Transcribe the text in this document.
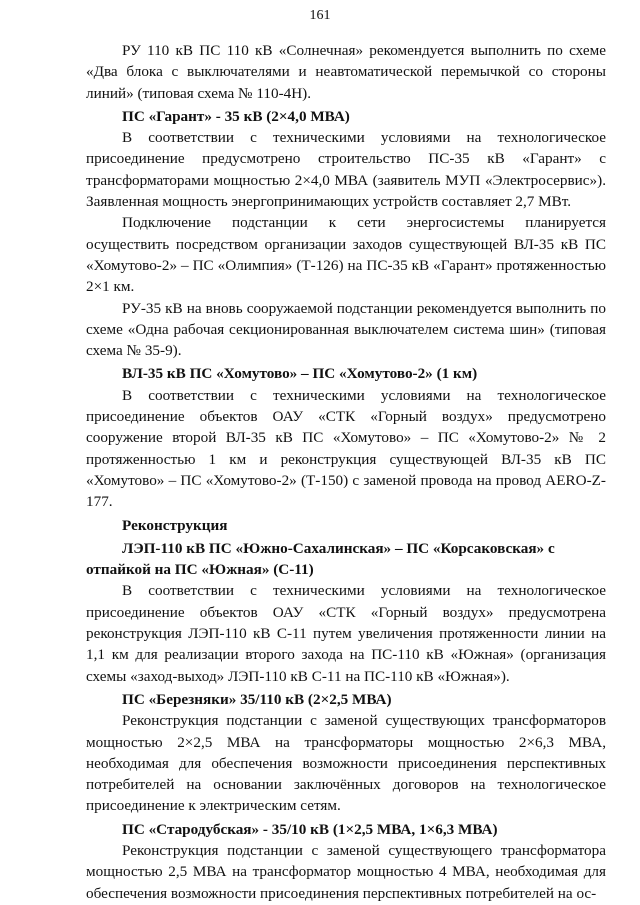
161

РУ 110 кВ ПС 110 кВ «Солнечная» рекомендуется выполнить по схеме «Два блока с выключателями и неавтоматической перемычкой со стороны линий» (типовая схема № 110-4Н).

ПС «Гарант» - 35 кВ (2×4,0 МВА)

В соответствии с техническими условиями на технологическое присоединение предусмотрено строительство ПС-35 кВ «Гарант» с трансформаторами мощностью 2×4,0 МВА (заявитель МУП «Электросервис»). Заявленная мощность энергопринимающих устройств составляет 2,7 МВт.

Подключение подстанции к сети энергосистемы планируется осуществить посредством организации заходов существующей ВЛ-35 кВ ПС «Хомутово-2» – ПС «Олимпия» (Т-126) на ПС-35 кВ «Гарант» протяженностью 2×1 км.

РУ-35 кВ на вновь сооружаемой подстанции рекомендуется выполнить по схеме «Одна рабочая секционированная выключателем система шин» (типовая схема № 35-9).

ВЛ-35 кВ ПС «Хомутово» – ПС «Хомутово-2» (1 км)

В соответствии с техническими условиями на технологическое присоединение объектов ОАУ «СТК «Горный воздух» предусмотрено сооружение второй ВЛ-35 кВ ПС «Хомутово» – ПС «Хомутово-2» № 2 протяженностью 1 км и реконструкция существующей ВЛ-35 кВ ПС «Хомутово» – ПС «Хомутово-2» (Т-150) с заменой провода на провод AERO-Z-177.

Реконструкция

ЛЭП-110 кВ ПС «Южно-Сахалинская» – ПС «Корсаковская» с отпайкой на ПС «Южная» (С-11)

В соответствии с техническими условиями на технологическое присоединение объектов ОАУ «СТК «Горный воздух» предусмотрена реконструкция ЛЭП-110 кВ С-11 путем увеличения протяженности линии на 1,1 км для реализации второго захода на ПС-110 кВ «Южная» (организация схемы «заход-выход» ЛЭП-110 кВ С-11 на ПС-110 кВ «Южная»).

ПС «Березняки» 35/110 кВ (2×2,5 МВА)

Реконструкция подстанции с заменой существующих трансформаторов мощностью 2×2,5 МВА на трансформаторы мощностью 2×6,3 МВА, необходимая для обеспечения возможности присоединения перспективных потребителей на основании заключённых договоров на технологическое присоединение к электрическим сетям.

ПС «Стародубская» - 35/10 кВ (1×2,5 МВА, 1×6,3 МВА)

Реконструкция подстанции с заменой существующего трансформатора мощностью 2,5 МВА на трансформатор мощностью 4 МВА, необходимая для обеспечения возможности присоединения перспективных потребителей на ос-
